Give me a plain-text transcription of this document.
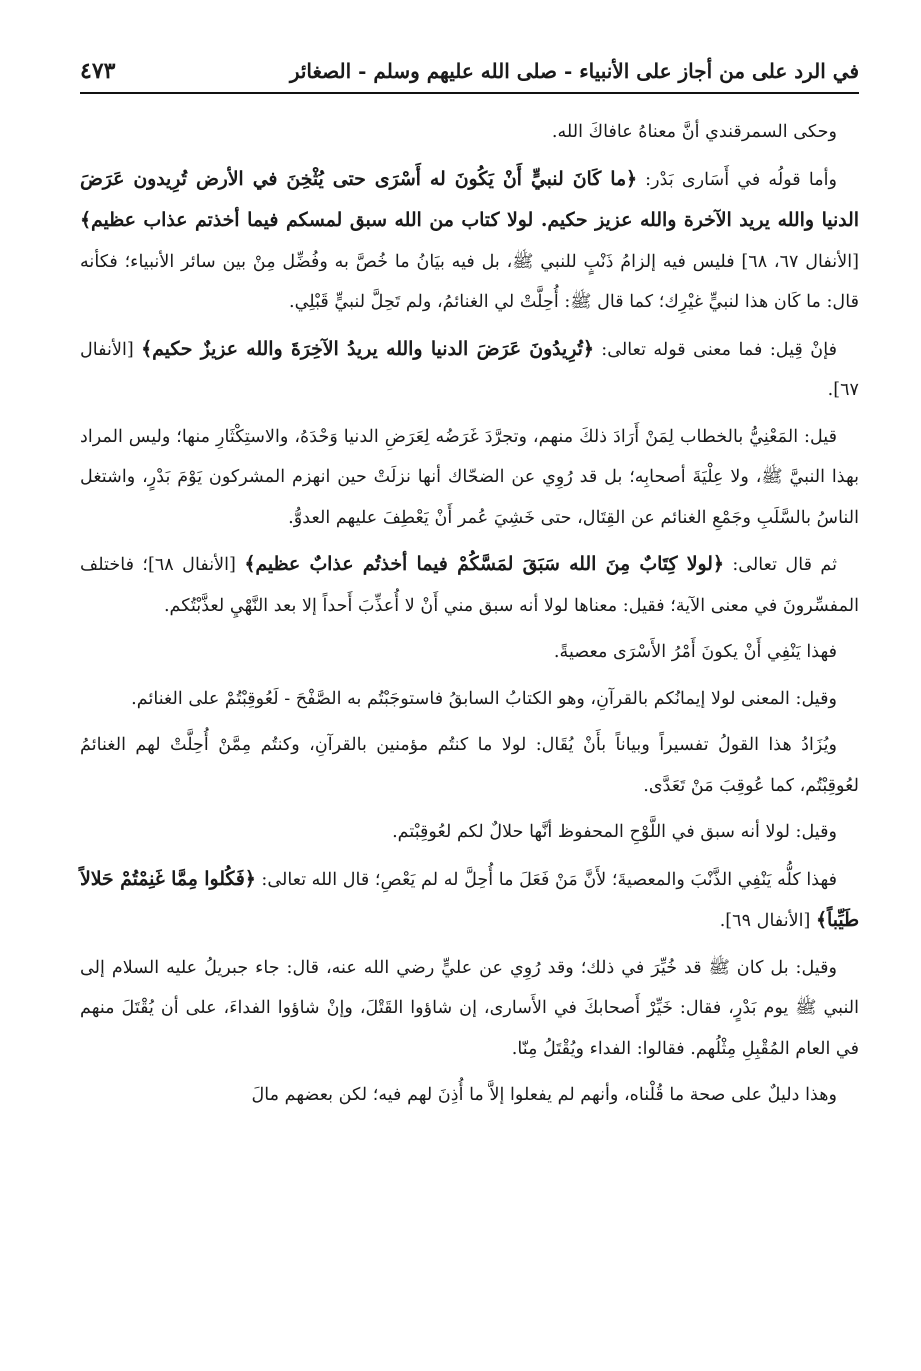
في الرد على من أجاز على الأنبياء - صلى الله عليهم وسلم - الصغائر
٤٧٣

وحكى السمرقندي أنَّ معناهُ عافاكَ الله.

وأما قولُه في أَسَارى بَدْر: ﴿ما كَانَ لنبيٍّ أَنْ يَكُونَ له أَسْرَى حتى يُثْخِنَ في الأرض تُرِيدون عَرَضَ الدنيا والله يريد الآخرة والله عزيز حكيم. لولا كتاب من الله سبق لمسكم فيما أخذتم عذاب عظيم﴾ [الأنفال ٦٧، ٦٨] فليس فيه إلزامُ ذَنْبٍ للنبي ﷺ، بل فيه بيَانُ ما خُصَّ به وفُضِّل مِنْ بين سائر الأنبياء؛ فكأنه قال: ما كَان هذا لنبيٍّ غيْرِك؛ كما قال ﷺ: أُحِلَّتْ لي الغنائمُ، ولم تَحِلَّ لنبيٍّ قَبْلِي.

فإنْ قِيل: فما معنى قوله تعالى: ﴿تُرِيدُونَ عَرَضَ الدنيا والله يريدُ الآخِرَةَ والله عزيزٌ حكيم﴾ [الأنفال ٦٧].

قيل: المَعْنِيُّ بالخطاب لِمَنْ أَرَادَ ذلكَ منهم، وتجرَّدَ غَرَضُه لِعَرَضِ الدنيا وَحْدَهُ، والاستِكْثَارِ منها؛ وليس المراد بهذا النبيَّ ﷺ، ولا عِلْيَةَ أصحابِه؛ بل قد رُوِي عن الضحّاك أنها نزلَتْ حين انهزم المشركون يَوْمَ بَدْرٍ، واشتغل الناسُ بالسَّلَبِ وجَمْعِ الغنائم عن القِتَال، حتى خَشِيَ عُمر أَنْ يَعْطِفَ عليهم العدوُّ.

ثم قال تعالى: ﴿لولا كِتَابٌ مِنَ الله سَبَقَ لمَسَّكُمْ فيما أخذتُم عذابٌ عظيم﴾ [الأنفال ٦٨]؛ فاختلف المفسِّرونَ في معنى الآية؛ فقيل: معناها لولا أنه سبق مني أَنْ لا أُعذِّبَ أَحداً إلا بعد النَّهْيِ لعذَّبْتُكم.

فهذا يَنْفِي أَنْ يكونَ أَمْرُ الأَسْرَى معصيةً.

وقيل: المعنى لولا إيمانُكم بالقرآنِ، وهو الكتابُ السابقُ فاستوجَبْتُم به الصَّفْحَ - لَعُوقِبْتُمْ على الغنائم.

ويُزَادُ هذا القولُ تفسيراً وبياناً بأَنْ يُقَال: لولا ما كنتُم مؤمنين بالقرآنِ، وكنتُم مِمَّنْ أُحِلَّتْ لهم الغنائمُ لعُوقِبْتُم، كما عُوقِبَ مَنْ تَعَدَّى.

وقيل: لولا أنه سبق في اللَّوْحِ المحفوظ أنَّها حلالٌ لكم لعُوقِبْتم.

فهذا كلُّه يَنْفِي الذَّنْبَ والمعصيةَ؛ لأَنَّ مَنْ فَعَلَ ما أُحِلَّ له لم يَعْصِ؛ قال الله تعالى: ﴿فَكُلوا مِمَّا غَنِمْتُمْ حَلالاً طَيِّباً﴾ [الأنفال ٦٩].

وقيل: بل كان ﷺ قد خُيِّرَ في ذلك؛ وقد رُوِي عن عليٍّ رضي الله عنه، قال: جاء جبريلُ عليه السلام إلى النبي ﷺ يوم بَدْرٍ، فقال: خَيِّرْ أَصحابكَ في الأَسارى، إن شاؤوا القَتْلَ، وإنْ شاؤوا الفداءَ، على أن يُقْتَلَ منهم في العام المُقْبِلِ مِثْلُهم. فقالوا: الفداء ويُقْتَلُ مِنّا.

وهذا دليلٌ على صحة ما قُلْناه، وأنهم لم يفعلوا إلاَّ ما أُذِنَ لهم فيه؛ لكن بعضهم مالَ
